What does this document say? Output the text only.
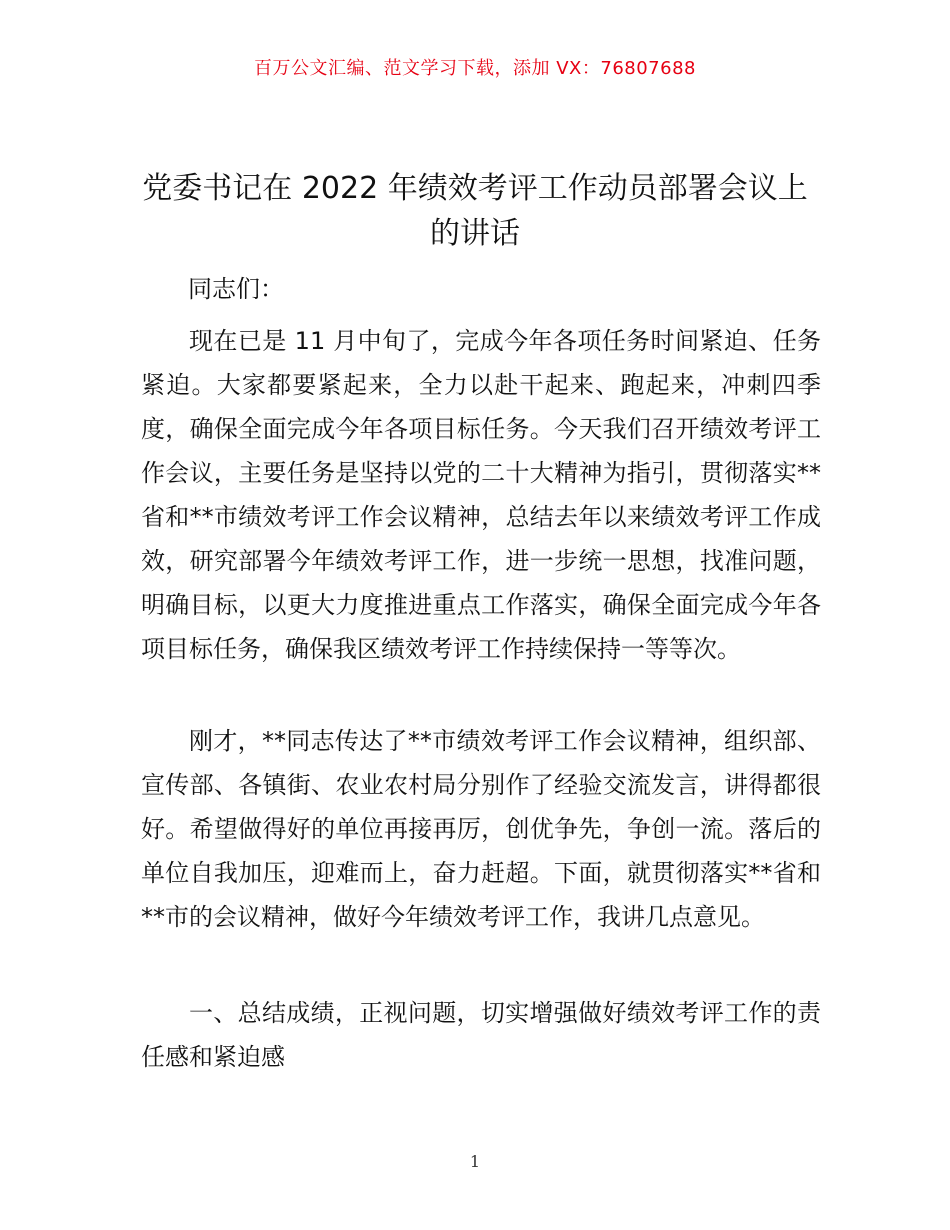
百万公文汇编、范文学习下载，添加 VX：76807688
党委书记在 2022 年绩效考评工作动员部署会议上的讲话
同志们：

现在已是 11 月中旬了，完成今年各项任务时间紧迫、任务紧迫。大家都要紧起来，全力以赴干起来、跑起来，冲刺四季度，确保全面完成今年各项目标任务。今天我们召开绩效考评工作会议，主要任务是坚持以党的二十大精神为指引，贯彻落实**省和**市绩效考评工作会议精神，总结去年以来绩效考评工作成效，研究部署今年绩效考评工作，进一步统一思想，找准问题，明确目标，以更大力度推进重点工作落实，确保全面完成今年各项目标任务，确保我区绩效考评工作持续保持一等等次。

刚才，**同志传达了**市绩效考评工作会议精神，组织部、宣传部、各镇街、农业农村局分别作了经验交流发言，讲得都很好。希望做得好的单位再接再厉，创优争先，争创一流。落后的单位自我加压，迎难而上，奋力赶超。下面，就贯彻落实**省和**市的会议精神，做好今年绩效考评工作，我讲几点意见。

一、总结成绩，正视问题，切实增强做好绩效考评工作的责任感和紧迫感

1
